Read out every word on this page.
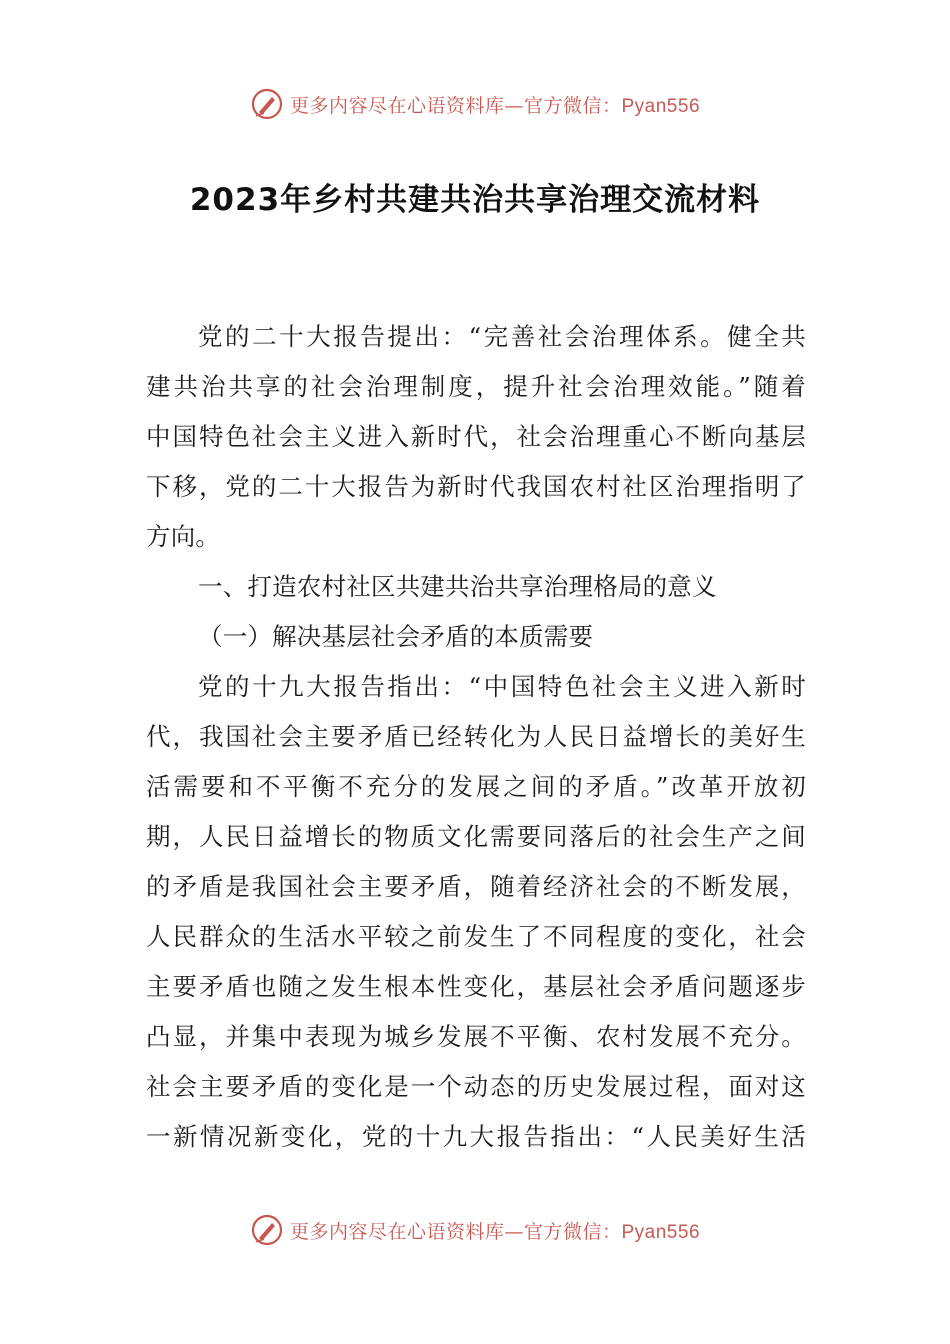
更多内容尽在心语资料库—官方微信：Pyan556
2023年乡村共建共治共享治理交流材料
党的二十大报告提出：“完善社会治理体系。健全共
建共治共享的社会治理制度，提升社会治理效能。”随着
中国特色社会主义进入新时代，社会治理重心不断向基层
下移，党的二十大报告为新时代我国农村社区治理指明了
方向。
一、打造农村社区共建共治共享治理格局的意义
（一）解决基层社会矛盾的本质需要
党的十九大报告指出：“中国特色社会主义进入新时
代，我国社会主要矛盾已经转化为人民日益增长的美好生
活需要和不平衡不充分的发展之间的矛盾。”改革开放初
期，人民日益增长的物质文化需要同落后的社会生产之间
的矛盾是我国社会主要矛盾，随着经济社会的不断发展，
人民群众的生活水平较之前发生了不同程度的变化，社会
主要矛盾也随之发生根本性变化，基层社会矛盾问题逐步
凸显，并集中表现为城乡发展不平衡、农村发展不充分。
社会主要矛盾的变化是一个动态的历史发展过程，面对这
一新情况新变化，党的十九大报告指出：“人民美好生活
更多内容尽在心语资料库—官方微信：Pyan556
